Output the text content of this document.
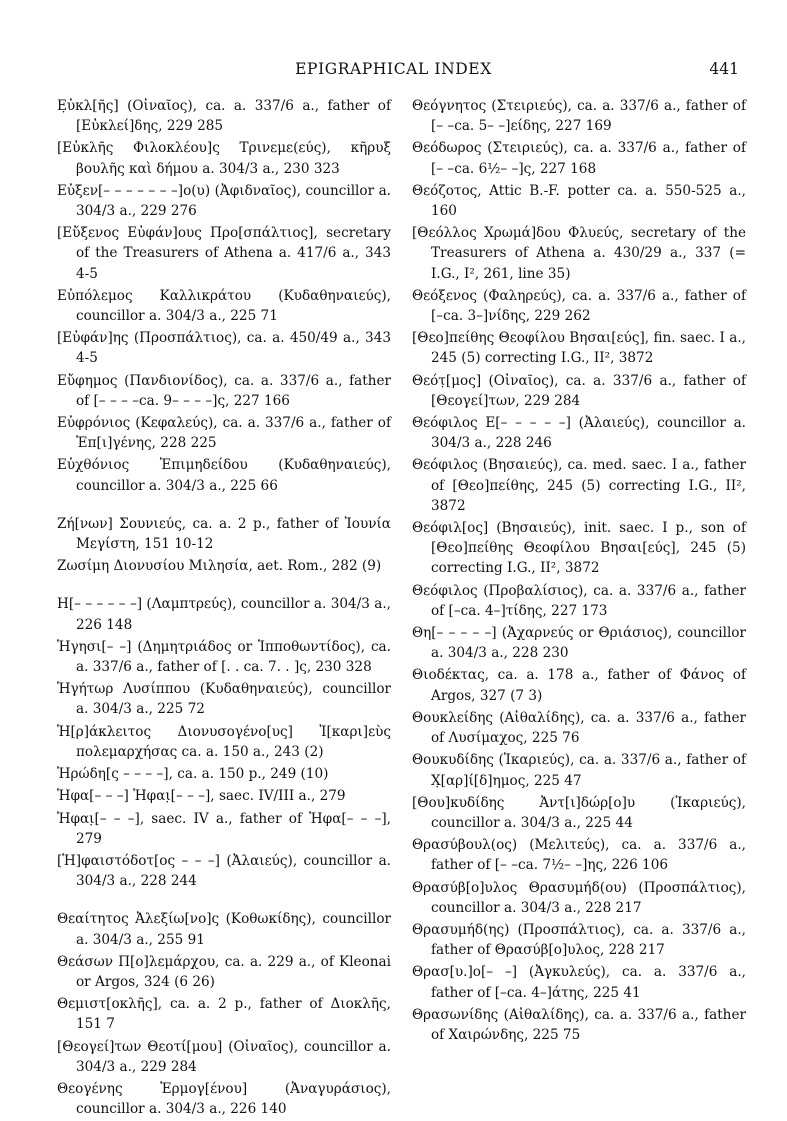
EPIGRAPHICAL INDEX	441

Ε̣ὐκλ[ῆς] (Οἰναῖος), ca. a. 337/6 a., father of [Εὐκλεί]δης, 229 285

[Εὐκλῆς Φιλοκλέου]ς Τρινεμε(εύς), κῆρυξ βουλῆς καὶ δήμου a. 304/3 a., 230 323

Εὐξεν[– – – – – – –]ο(υ) (Ἀφιδναῖος), councillor a. 304/3 a., 229 276

[Εὔξενος Εὐφάν]ους Προ[σπάλτιος], secretary of the Treasurers of Athena a. 417/6 a., 343 4-5

Εὐπόλεμος Καλλικράτου (Κυδαθηναιεύς), councillor a. 304/3 a., 225 71

[Εὐφάν]ης (Προσπάλτιος), ca. a. 450/49 a., 343 4-5

Εὔφημος (Πανδιονίδος), ca. a. 337/6 a., father of [– – – –ca. 9– – – –]ς, 227 166

Εὐφρόνιος (Κεφαλεύς), ca. a. 337/6 a., father of Ἐπ[ι]γένης, 228 225

Εὐχθόνιος Ἐπιμηδείδου (Κυδαθηναιεύς), councillor a. 304/3 a., 225 66

Ζή[νων] Σουνιεύς, ca. a. 2 p., father of Ἰουνία Μεγίστη, 151 10-12

Ζωσίμη Διονυσίου Μιλησία, aet. Rom., 282 (9)

Η[– – – – – –] (Λαμπτρεύς), councillor a. 304/3 a., 226 148

Ἡγησι[– –] (Δημητριάδος or Ἱπποθωντίδος), ca. a. 337/6 a., father of [. . ca. 7. . ]ς, 230 328

Ἡγήτωρ Λυσίππου (Κυδαθηναιεύς), councillor a. 304/3 a., 225 72

Ἡ[ρ]άκλειτος Διονυσογένο[υς] Ἰ[καρι]εὺς πολεμαρχήσας ca. a. 150 a., 243 (2)

Ἡρώδη[ς – – – –], ca. a. 150 p., 249 (10)

Ἡφα[– – –] Ἡφαι̣[– – –], saec. IV/III a., 279

Ἡφαι̣[– – –], saec. IV a., father of Ἡφα[– – –], 279

[Ἡ]φαιστόδοτ[ος – – –] (Ἀλαιεύς), councillor a. 304/3 a., 228 244

Θεαίτητος Ἀλεξίω[νο]ς (Κοθωκίδης), councillor a. 304/3 a., 255 91

Θεάσων Π[ο]λεμάρχου, ca. a. 229 a., of Kleonai or Argos, 324 (6 26)

Θεμιστ[οκλῆς], ca. a. 2 p., father of Διοκλῆς, 151 7

[Θεογεί]των Θεοτί[μου] (Οἰναῖος), councillor a. 304/3 a., 229 284

Θεογένης Ἑρμογ[ένου] (Ἀναγυράσιος), councillor a. 304/3 a., 226 140

Θεόγνητος (Στειριεύς), ca. a. 337/6 a., father of [– –ca. 5– –]είδης, 227 169

Θεόδωρος (Στειριεύς), ca. a. 337/6 a., father of [– –ca. 6½– –]ς, 227 168

Θεόζοτος, Attic B.-F. potter ca. a. 550-525 a., 160

[Θεόλλος Χρωμά]δου Φλυεύς, secretary of the Treasurers of Athena a. 430/29 a., 337 (= I.G., I², 261, line 35)

Θεόξενος (Φαληρεύς), ca. a. 337/6 a., father of [–ca. 3–]νίδης, 229 262

[Θεο]πείθης Θεοφίλου Βησαι[εύς], fin. saec. I a., 245 (5) correcting I.G., II², 3872

Θεότ̣[μος] (Οἰναῖος), ca. a. 337/6 a., father of [Θεογεί]των, 229 284

Θεόφιλος Ε[– – – – –] (Ἀλαιεύς), councillor a. 304/3 a., 228 246

Θεόφιλος (Βησαιεύς), ca. med. saec. I a., father of [Θεο]πείθης, 245 (5) correcting I.G., II², 3872

Θεόφιλ[ος] (Βησαιεύς), init. saec. I p., son of [Θεο]πείθης Θεοφίλου Βησαι[εύς], 245 (5) correcting I.G., II², 3872

Θεόφιλος (Προβαλίσιος), ca. a. 337/6 a., father of [–ca. 4–]τίδης, 227 173

Θη[– – – – –] (Ἀχαρνεύς or Θριάσιος), councillor a. 304/3 a., 228 230

Θιοδέκτας, ca. a. 178 a., father of Φάνος of Argos, 327 (7 3)

Θουκλείδης (Αἰθαλίδης), ca. a. 337/6 a., father of Λυσίμαχος, 225 76

Θουκυδίδης (Ἰκαριεύς), ca. a. 337/6 a., father of Χ̣[αρ]ί[δ]ημος, 225 47

[Θου]κυδίδης Ἀντ[ι]δώρ[ο]υ (Ἰκαριεύς), councillor a. 304/3 a., 225 44

Θρασύβουλ(ος) (Μελιτεύς), ca. a. 337/6 a., father of [– –ca. 7½– –]ης, 226 106

Θρασύβ[ο]υλος Θρασυμήδ(ου) (Προσπάλτιος), councillor a. 304/3 a., 228 217

Θρασυμήδ(ης) (Προσπάλτιος), ca. a. 337/6 a., father of Θρασύβ[ο]υλος, 228 217

Θρασ[υ.]ο[– –] (Ἀγκυλεύς), ca. a. 337/6 a., father of [–ca. 4–]άτης, 225 41

Θρασωνίδης (Αἰθαλίδης), ca. a. 337/6 a., father of Χαιρώνδης, 225 75
